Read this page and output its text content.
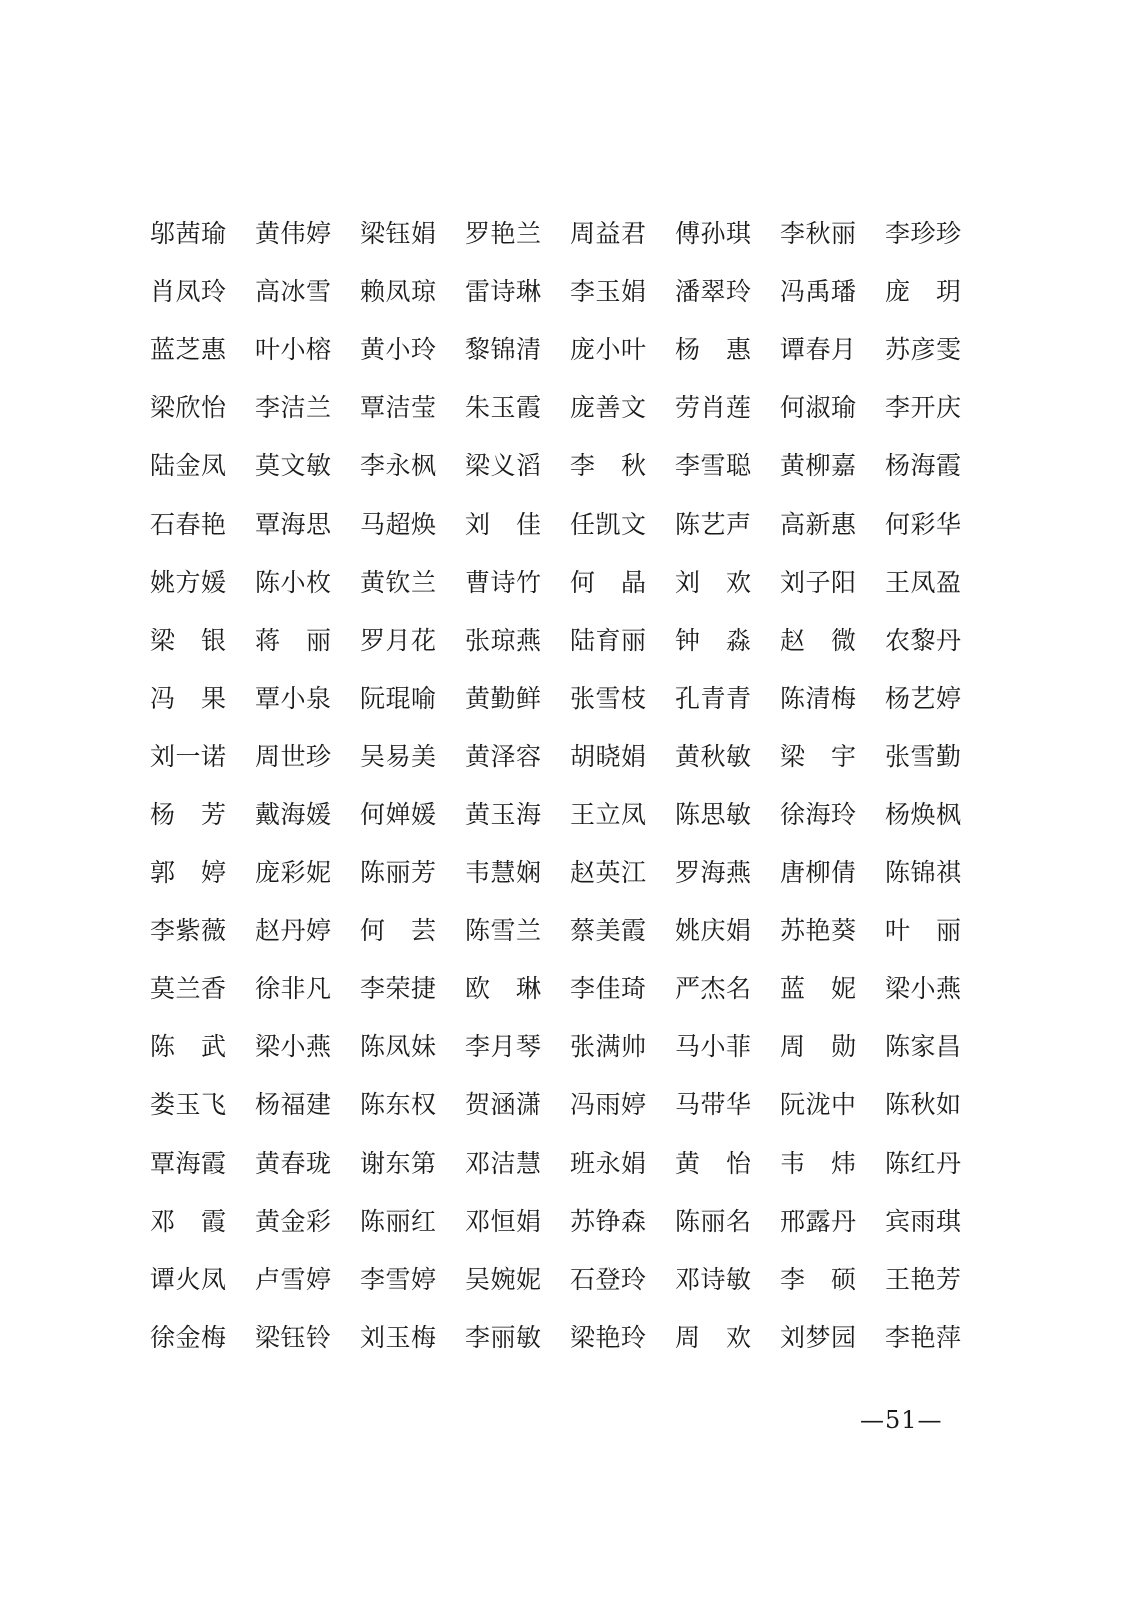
邬茜瑜	黄伟婷	梁钰娟	罗艳兰	周益君	傅孙琪	李秋丽	李珍珍
肖凤玲	高冰雪	赖凤琼	雷诗琳	李玉娟	潘翠玲	冯禹璠	庞　玥
蓝芝惠	叶小榕	黄小玲	黎锦清	庞小叶	杨　惠	谭春月	苏彦雯
梁欣怡	李洁兰	覃洁莹	朱玉霞	庞善文	劳肖莲	何淑瑜	李开庆
陆金凤	莫文敏	李永枫	梁义滔	李　秋	李雪聪	黄柳嘉	杨海霞
石春艳	覃海思	马超焕	刘　佳	任凯文	陈艺声	高新惠	何彩华
姚方媛	陈小枚	黄钦兰	曹诗竹	何　晶	刘　欢	刘子阳	王凤盈
梁　银	蒋　丽	罗月花	张琼燕	陆育丽	钟　淼	赵　微	农黎丹
冯　果	覃小泉	阮琨喻	黄勤鲜	张雪枝	孔青青	陈清梅	杨艺婷
刘一诺	周世珍	吴易美	黄泽容	胡晓娟	黄秋敏	梁　宇	张雪勤
杨　芳	戴海媛	何婵媛	黄玉海	王立凤	陈思敏	徐海玲	杨焕枫
郭　婷	庞彩妮	陈丽芳	韦慧娴	赵英江	罗海燕	唐柳倩	陈锦祺
李紫薇	赵丹婷	何　芸	陈雪兰	蔡美霞	姚庆娟	苏艳葵	叶　丽
莫兰香	徐非凡	李荣捷	欧　琳	李佳琦	严杰名	蓝　妮	梁小燕
陈　武	梁小燕	陈凤妹	李月琴	张满帅	马小菲	周　勋	陈家昌
娄玉飞	杨福建	陈东权	贺涵潇	冯雨婷	马带华	阮泷中	陈秋如
覃海霞	黄春珑	谢东第	邓洁慧	班永娟	黄　怡	韦　炜	陈红丹
邓　霞	黄金彩	陈丽红	邓恒娟	苏铮森	陈丽名	邢露丹	宾雨琪
谭火凤	卢雪婷	李雪婷	吴婉妮	石登玲	邓诗敏	李　硕	王艳芳
徐金梅	梁钰铃	刘玉梅	李丽敏	梁艳玲	周　欢	刘梦园	李艳萍
—51—
